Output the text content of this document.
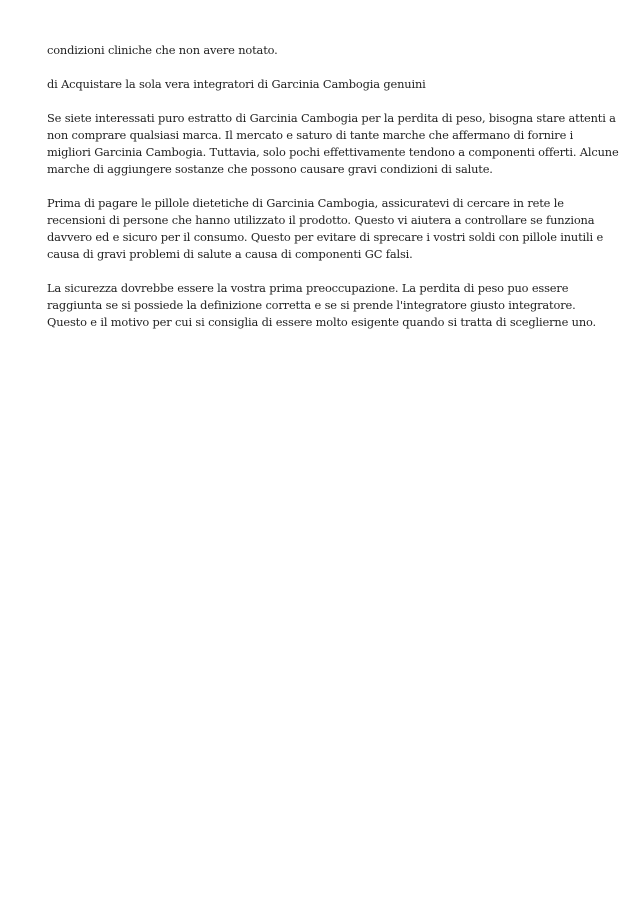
condizioni cliniche che non avere notato.

di Acquistare la sola vera integratori di Garcinia Cambogia genuini

Se siete interessati puro estratto di Garcinia Cambogia per la perdita di peso, bisogna stare attenti a
non comprare qualsiasi marca. Il mercato e saturo di tante marche che affermano di fornire i
migliori Garcinia Cambogia. Tuttavia, solo pochi effettivamente tendono a componenti offerti. Alcune
marche di aggiungere sostanze che possono causare gravi condizioni di salute.

Prima di pagare le pillole dietetiche di Garcinia Cambogia, assicuratevi di cercare in rete le
recensioni di persone che hanno utilizzato il prodotto. Questo vi aiutera a controllare se funziona
davvero ed e sicuro per il consumo. Questo per evitare di sprecare i vostri soldi con pillole inutili e
causa di gravi problemi di salute a causa di componenti GC falsi.

La sicurezza dovrebbe essere la vostra prima preoccupazione. La perdita di peso puo essere
raggiunta se si possiede la definizione corretta e se si prende l'integratore giusto integratore.
Questo e il motivo per cui si consiglia di essere molto esigente quando si tratta di sceglierne uno.
